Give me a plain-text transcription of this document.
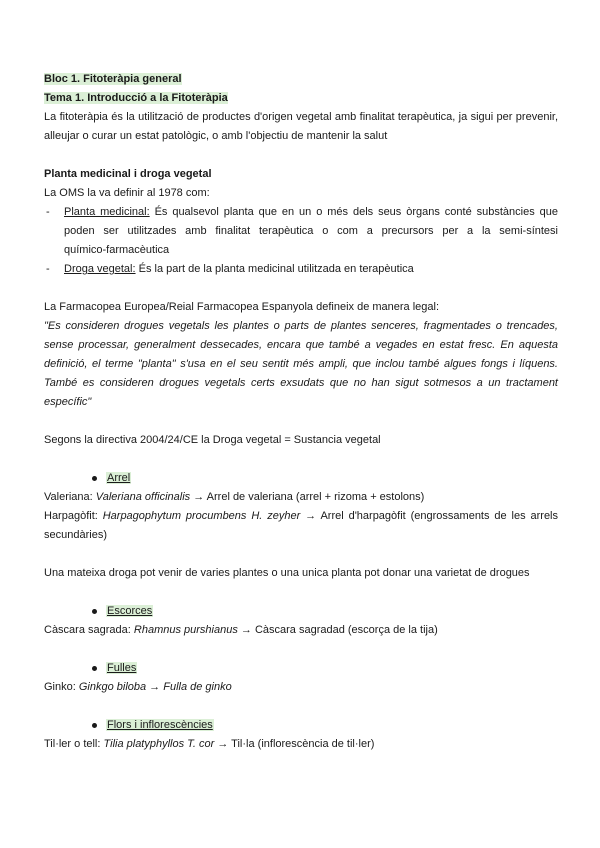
Bloc 1. Fitoteràpia general
Tema 1. Introducció a la Fitoteràpia
La fitoteràpia és la utilització de productes d'origen vegetal amb finalitat terapèutica, ja sigui per prevenir,
alleujar o curar un estat patològic, o amb l'objectiu de mantenir la salut
Planta medicinal i droga vegetal
La OMS la va definir al 1978 com:
- Planta medicinal: És qualsevol planta que en un o més dels seus òrgans conté substàncies que
poden ser utilitzades amb finalitat terapèutica o com a precursors per a la semi-síntesi
químico-farmacèutica
- Droga vegetal: És la part de la planta medicinal utilitzada en terapèutica
La Farmacopea Europea/Reial Farmacopea Espanyola defineix de manera legal:
"Es consideren drogues vegetals les plantes o parts de plantes senceres, fragmentades o trencades,
sense processar, generalment dessecades, encara que també a vegades en estat fresc. En aquesta
definició, el terme "planta" s'usa en el seu sentit més ampli, que inclou també algues fongs i líquens.
També es consideren drogues vegetals certs exsudats que no han sigut sotmesos a un tractament
específic"
Segons la directiva 2004/24/CE la Droga vegetal = Sustancia vegetal
Arrel
Valeriana: Valeriana officinalis → Arrel de valeriana (arrel + rizoma + estolons)
Harpagòfit: Harpagophytum procumbens H. zeyher → Arrel d'harpagòfit (engrossaments de les arrels
secundàries)
Una mateixa droga pot venir de varies plantes o una unica planta pot donar una varietat de drogues
Escorces
Càscara sagrada: Rhamnus purshianus → Càscara sagradad (escorça de la tija)
Fulles
Ginko: Ginkgo biloba → Fulla de ginko
Flors i inflorescències
Til·ler o tell: Tilia platyphyllos T. cor → Til·la (inflorescència de til·ler)
